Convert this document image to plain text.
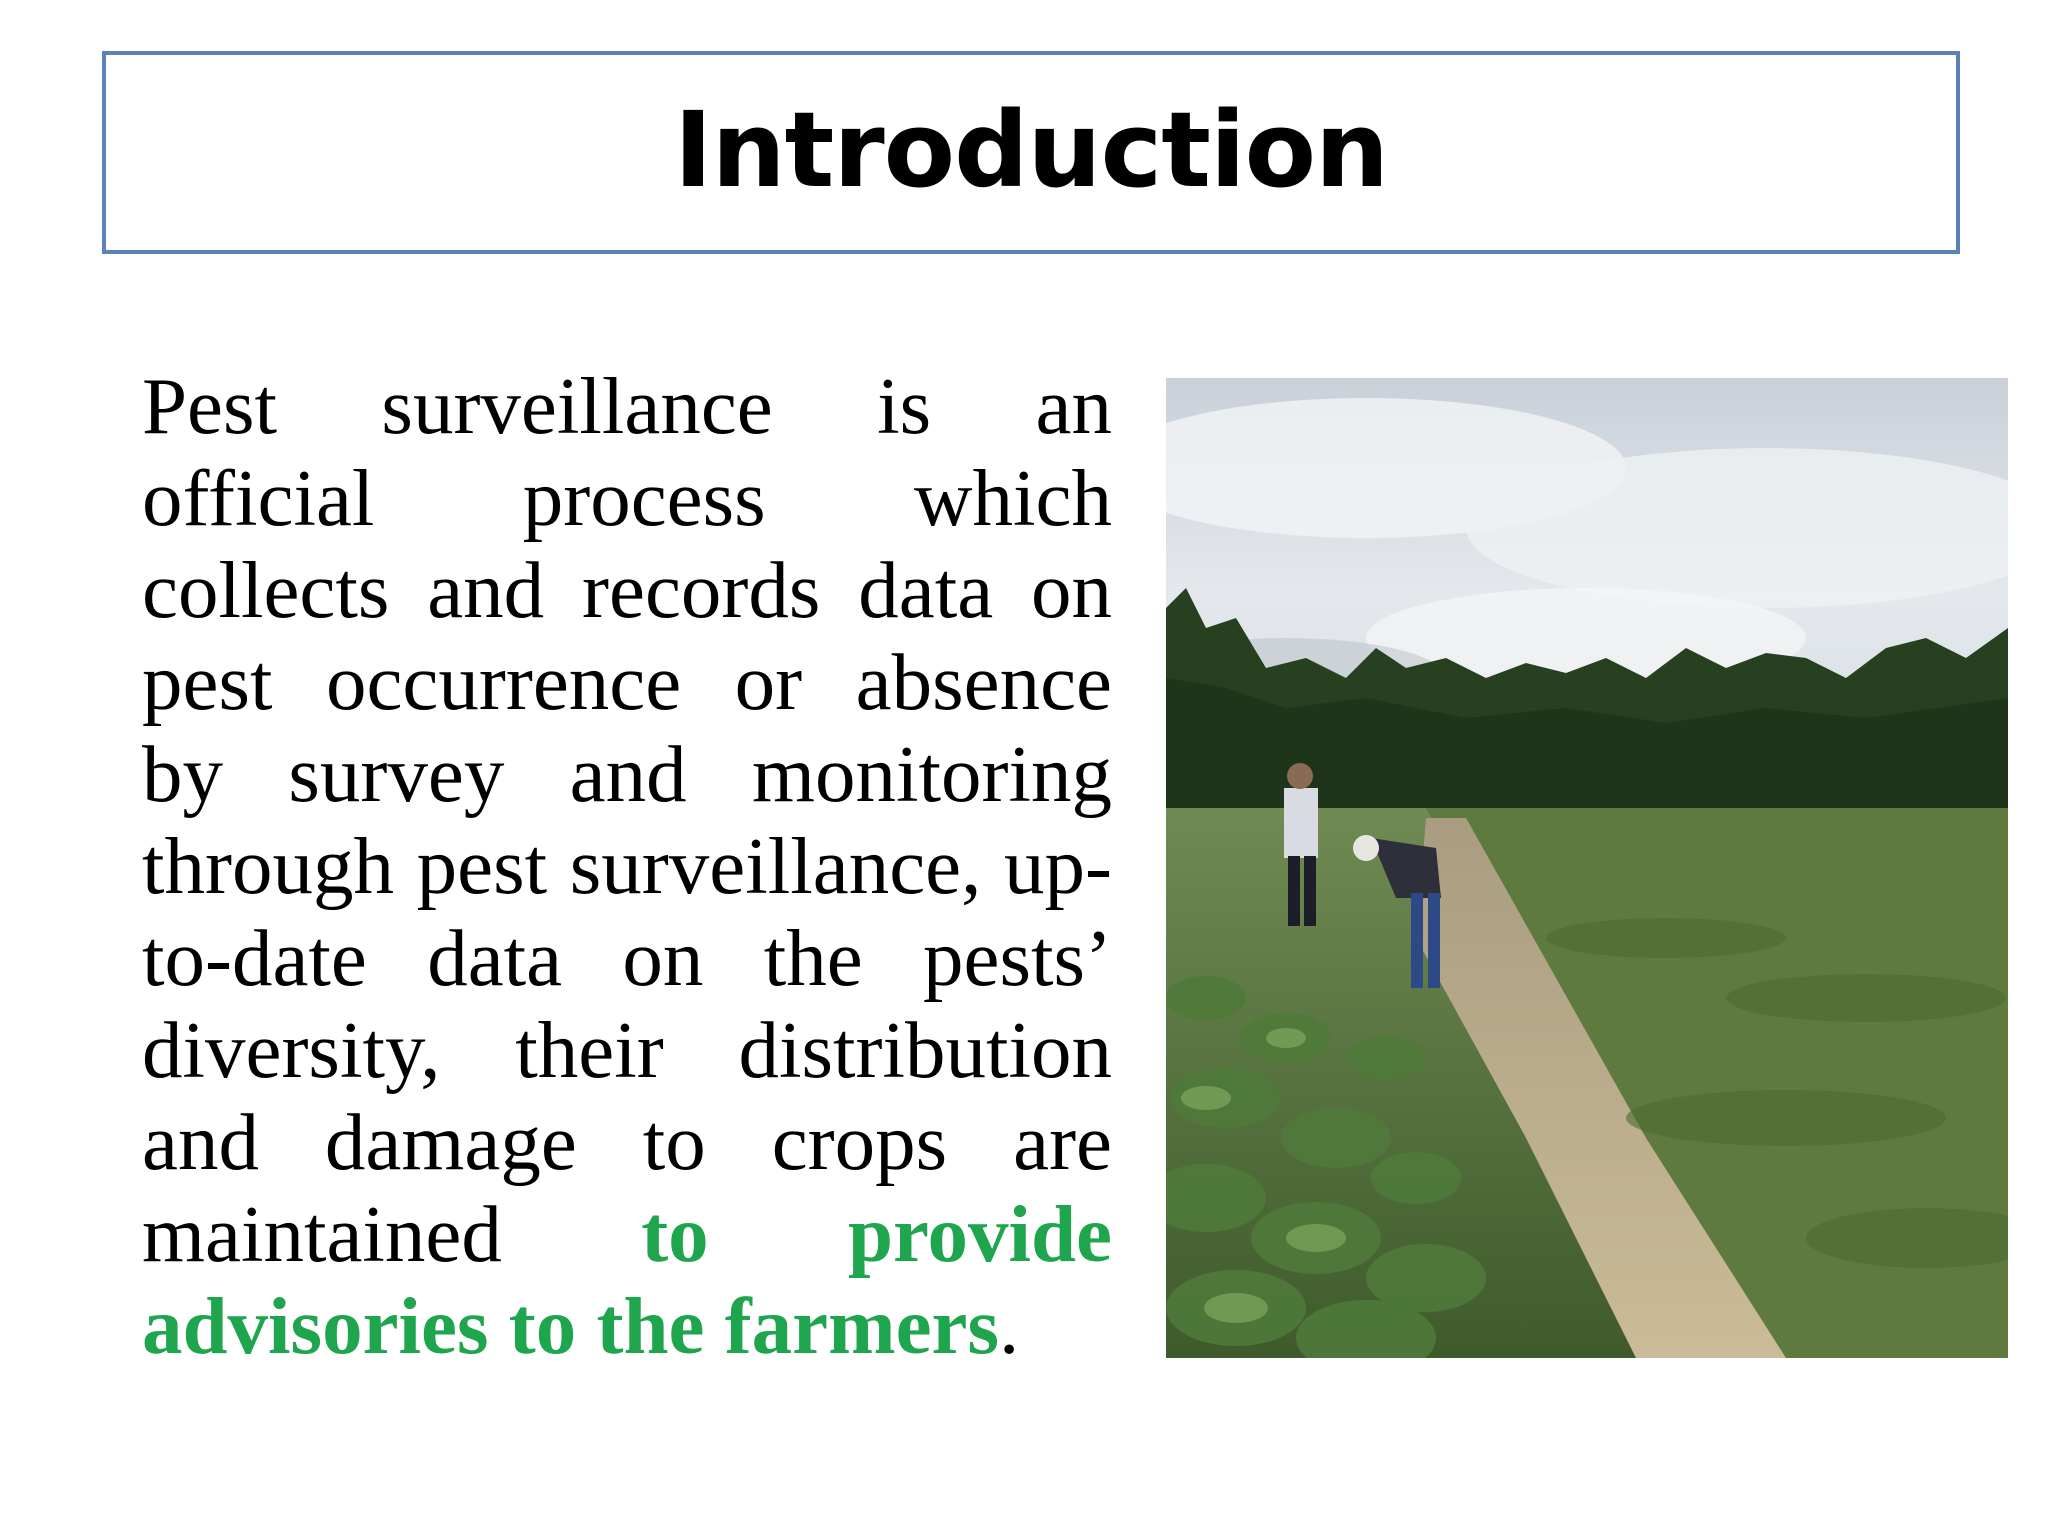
Introduction

Pest surveillance is an official process which collects and records data on pest occurrence or absence by survey and monitoring through pest surveillance, up-to-date data on the pests’ diversity, their distribution and damage to crops are maintained to provide advisories to the farmers.
